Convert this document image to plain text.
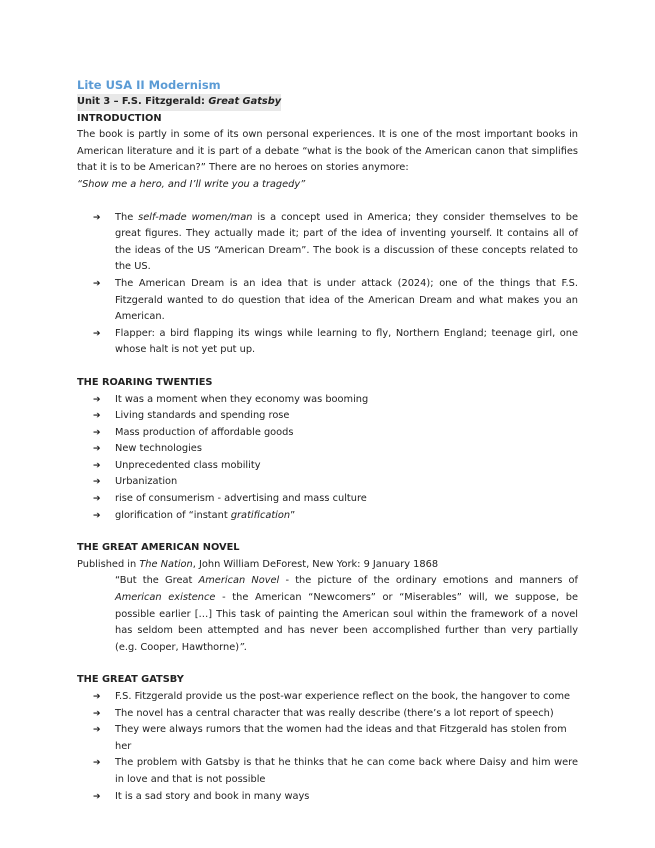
Lite USA II Modernism
Unit 3 – F.S. Fitzgerald: Great Gatsby
INTRODUCTION
The book is partly in some of its own personal experiences. It is one of the most important books in American literature and it is part of a debate “what is the book of the American canon that simplifies that it is to be American?” There are no heroes on stories anymore:
“Show me a hero, and I’ll write you a tragedy”
➔ The self-made women/man is a concept used in America; they consider themselves to be great figures. They actually made it; part of the idea of inventing yourself. It contains all of the ideas of the US “American Dream”. The book is a discussion of these concepts related to the US.
➔ The American Dream is an idea that is under attack (2024); one of the things that F.S. Fitzgerald wanted to do question that idea of the American Dream and what makes you an American.
➔ Flapper: a bird flapping its wings while learning to fly, Northern England; teenage girl, one whose halt is not yet put up.
THE ROARING TWENTIES
➔ It was a moment when they economy was booming
➔ Living standards and spending rose
➔ Mass production of affordable goods
➔ New technologies
➔ Unprecedented class mobility
➔ Urbanization
➔ rise of consumerism - advertising and mass culture
➔ glorification of “instant gratification”
THE GREAT AMERICAN NOVEL
Published in The Nation, John William DeForest, New York: 9 January 1868
“But the Great American Novel - the picture of the ordinary emotions and manners of American existence - the American “Newcomers” or “Miserables” will, we suppose, be possible earlier […] This task of painting the American soul within the framework of a novel has seldom been attempted and has never been accomplished further than very partially (e.g. Cooper, Hawthorne)”.
THE GREAT GATSBY
➔ F.S. Fitzgerald provide us the post-war experience reflect on the book, the hangover to come
➔ The novel has a central character that was really describe (there’s a lot report of speech)
➔ They were always rumors that the women had the ideas and that Fitzgerald has stolen from her
➔ The problem with Gatsby is that he thinks that he can come back where Daisy and him were in love and that is not possible
➔ It is a sad story and book in many ways
